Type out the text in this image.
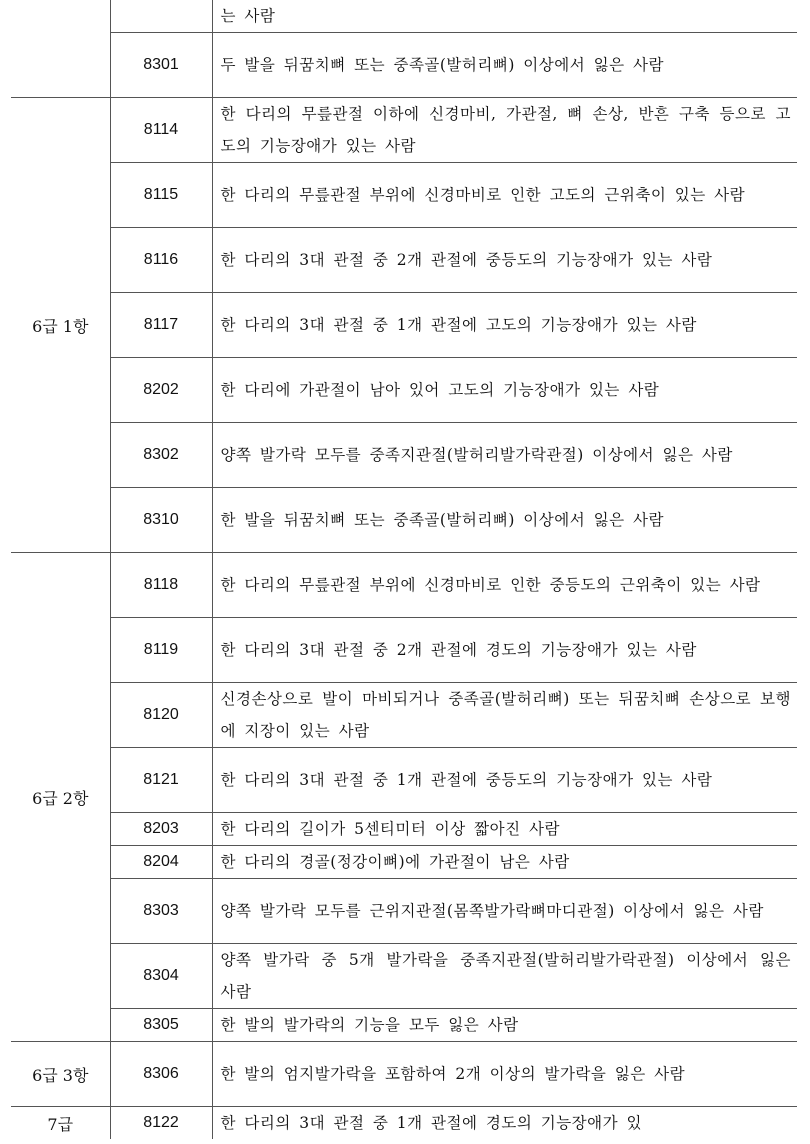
		는 사람
	8301	두 발을 뒤꿈치뼈 또는 중족골(발허리뼈) 이상에서 잃은 사람
6급 1항	8114	한 다리의 무릎관절 이하에 신경마비, 가관절, 뼈 손상, 반흔 구축 등으로 고도의 기능장애가 있는 사람
	8115	한 다리의 무릎관절 부위에 신경마비로 인한 고도의 근위축이 있는 사람
	8116	한 다리의 3대 관절 중 2개 관절에 중등도의 기능장애가 있는 사람
	8117	한 다리의 3대 관절 중 1개 관절에 고도의 기능장애가 있는 사람
	8202	한 다리에 가관절이 남아 있어 고도의 기능장애가 있는 사람
	8302	양쪽 발가락 모두를 중족지관절(발허리발가락관절) 이상에서 잃은 사람
	8310	한 발을 뒤꿈치뼈 또는 중족골(발허리뼈) 이상에서 잃은 사람
6급 2항	8118	한 다리의 무릎관절 부위에 신경마비로 인한 중등도의 근위축이 있는 사람
	8119	한 다리의 3대 관절 중 2개 관절에 경도의 기능장애가 있는 사람
	8120	신경손상으로 발이 마비되거나 중족골(발허리뼈) 또는 뒤꿈치뼈 손상으로 보행에 지장이 있는 사람
	8121	한 다리의 3대 관절 중 1개 관절에 중등도의 기능장애가 있는 사람
	8203	한 다리의 길이가 5센티미터 이상 짧아진 사람
	8204	한 다리의 경골(정강이뼈)에 가관절이 남은 사람
	8303	양쪽 발가락 모두를 근위지관절(몸쪽발가락뼈마디관절) 이상에서 잃은 사람
	8304	양쪽 발가락 중 5개 발가락을 중족지관절(발허리발가락관절) 이상에서 잃은 사람
	8305	한 발의 발가락의 기능을 모두 잃은 사람
6급 3항	8306	한 발의 엄지발가락을 포함하여 2개 이상의 발가락을 잃은 사람
7급	8122	한 다리의 3대 관절 중 1개 관절에 경도의 기능장애가 있
